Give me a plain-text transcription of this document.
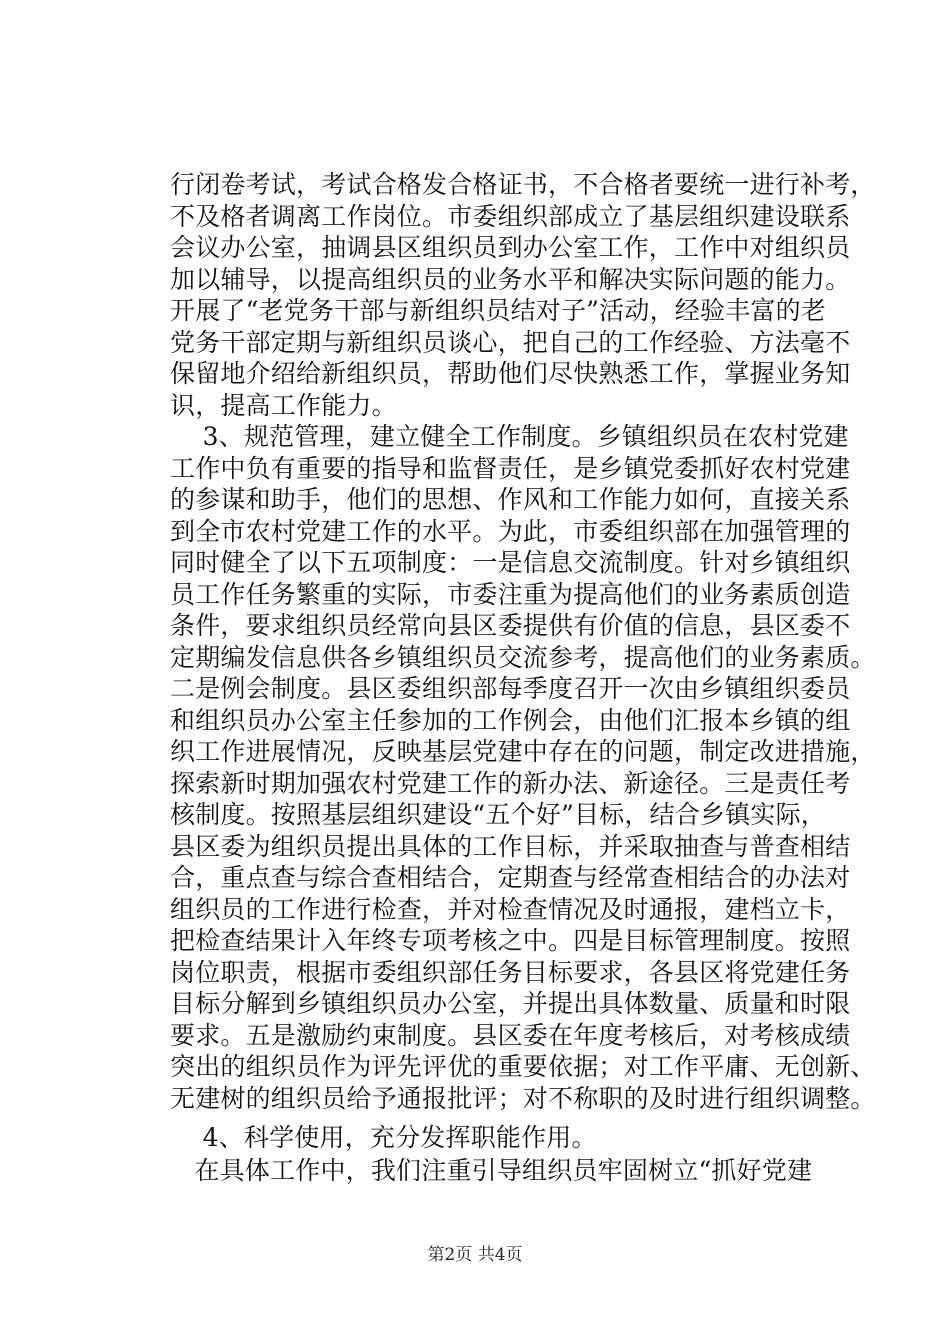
行闭卷考试，考试合格发合格证书，不合格者要统一进行补考，
不及格者调离工作岗位。市委组织部成立了基层组织建设联系
会议办公室，抽调县区组织员到办公室工作，工作中对组织员
加以辅导，以提高组织员的业务水平和解决实际问题的能力。
开展了“老党务干部与新组织员结对子”活动，经验丰富的老
党务干部定期与新组织员谈心，把自己的工作经验、方法毫不
保留地介绍给新组织员，帮助他们尽快熟悉工作，掌握业务知
识，提高工作能力。
3、规范管理，建立健全工作制度。乡镇组织员在农村党建
工作中负有重要的指导和监督责任，是乡镇党委抓好农村党建
的参谋和助手，他们的思想、作风和工作能力如何，直接关系
到全市农村党建工作的水平。为此，市委组织部在加强管理的
同时健全了以下五项制度：一是信息交流制度。针对乡镇组织
员工作任务繁重的实际，市委注重为提高他们的业务素质创造
条件，要求组织员经常向县区委提供有价值的信息，县区委不
定期编发信息供各乡镇组织员交流参考，提高他们的业务素质。
二是例会制度。县区委组织部每季度召开一次由乡镇组织委员
和组织员办公室主任参加的工作例会，由他们汇报本乡镇的组
织工作进展情况，反映基层党建中存在的问题，制定改进措施，
探索新时期加强农村党建工作的新办法、新途径。三是责任考
核制度。按照基层组织建设“五个好”目标，结合乡镇实际，
县区委为组织员提出具体的工作目标，并采取抽查与普查相结
合，重点查与综合查相结合，定期查与经常查相结合的办法对
组织员的工作进行检查，并对检查情况及时通报，建档立卡，
把检查结果计入年终专项考核之中。四是目标管理制度。按照
岗位职责，根据市委组织部任务目标要求，各县区将党建任务
目标分解到乡镇组织员办公室，并提出具体数量、质量和时限
要求。五是激励约束制度。县区委在年度考核后，对考核成绩
突出的组织员作为评先评优的重要依据；对工作平庸、无创新、
无建树的组织员给予通报批评；对不称职的及时进行组织调整。
4、科学使用，充分发挥职能作用。
在具体工作中，我们注重引导组织员牢固树立“抓好党建
第2页 共4页
